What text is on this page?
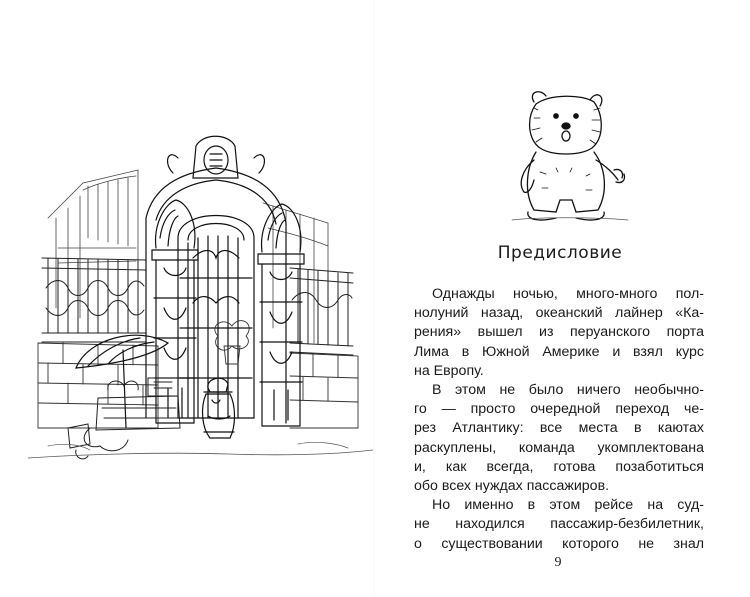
Предисловие
Однажды ночью, много-много пол-
нолуний назад, океанский лайнер «Ка-
рения» вышел из перуанского порта
Лима в Южной Америке и взял курс
на Европу.
В этом не было ничего необычно-
го — просто очередной переход че-
рез Атлантику: все места в каютах
раскуплены, команда укомплектована
и, как всегда, готова позаботиться
обо всех нуждах пассажиров.
Но именно в этом рейсе на суд-
не находился пассажир-безбилетник,
о существовании которого не знал
9
